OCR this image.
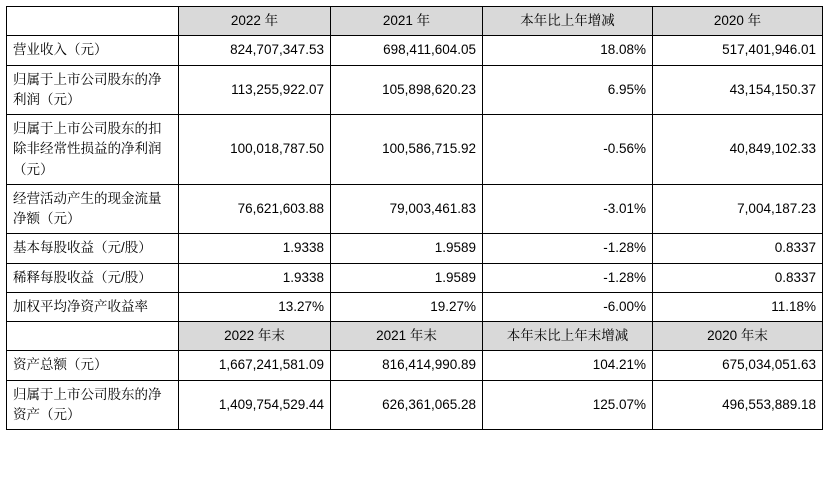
	2022 年	2021 年	本年比上年增减	2020 年
营业收入（元）	824,707,347.53	698,411,604.05	18.08%	517,401,946.01
归属于上市公司股东的净利润（元）	113,255,922.07	105,898,620.23	6.95%	43,154,150.37
归属于上市公司股东的扣除非经常性损益的净利润（元）	100,018,787.50	100,586,715.92	-0.56%	40,849,102.33
经营活动产生的现金流量净额（元）	76,621,603.88	79,003,461.83	-3.01%	7,004,187.23
基本每股收益（元/股）	1.9338	1.9589	-1.28%	0.8337
稀释每股收益（元/股）	1.9338	1.9589	-1.28%	0.8337
加权平均净资产收益率	13.27%	19.27%	-6.00%	11.18%
	2022 年末	2021 年末	本年末比上年末增减	2020 年末
资产总额（元）	1,667,241,581.09	816,414,990.89	104.21%	675,034,051.63
归属于上市公司股东的净资产（元）	1,409,754,529.44	626,361,065.28	125.07%	496,553,889.18
